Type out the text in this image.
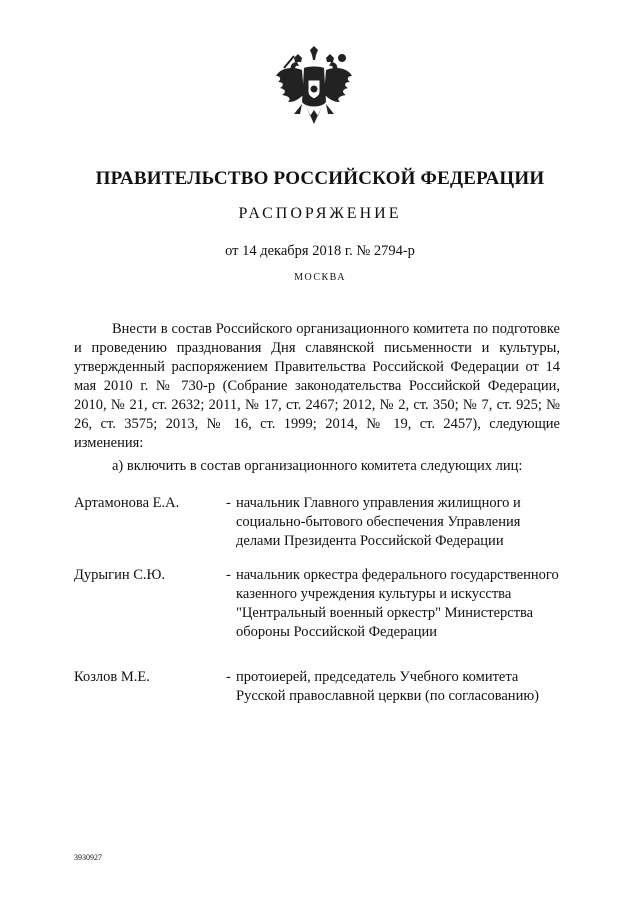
ПРАВИТЕЛЬСТВО РОССИЙСКОЙ ФЕДЕРАЦИИ

РАСПОРЯЖЕНИЕ

от 14 декабря 2018 г. № 2794-р

МОСКВА

Внести в состав Российского организационного комитета по подготовке и проведению празднования Дня славянской письменности и культуры, утвержденный распоряжением Правительства Российской Федерации от 14 мая 2010 г. № 730-р (Собрание законодательства Российской Федерации, 2010, № 21, ст. 2632; 2011, № 17, ст. 2467; 2012, № 2, ст. 350; № 7, ст. 925; № 26, ст. 3575; 2013, № 16, ст. 1999; 2014, № 19, ст. 2457), следующие изменения:

а) включить в состав организационного комитета следующих лиц:

Артамонова Е.А.	- начальник Главного управления жилищного и социально-бытового обеспечения Управления делами Президента Российской Федерации
Дурыгин С.Ю.	- начальник оркестра федерального государственного казенного учреждения культуры и искусства "Центральный военный оркестр" Министерства обороны Российской Федерации
Козлов М.Е.	- протоиерей, председатель Учебного комитета Русской православной церкви (по согласованию)

3930927
